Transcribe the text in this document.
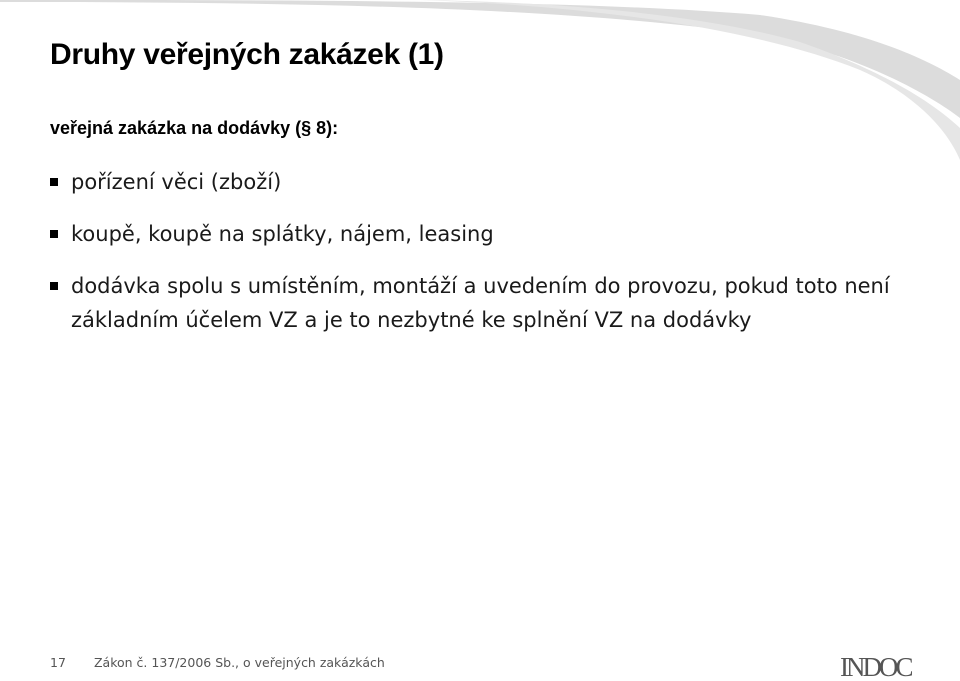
Druhy veřejných zakázek (1)
veřejná zakázka na dodávky (§ 8):
pořízení věci (zboží)
koupě, koupě na splátky, nájem, leasing
dodávka spolu s umístěním, montáží a uvedením do provozu, pokud toto není základním účelem VZ a je to nezbytné ke splnění VZ na dodávky
17 Zákon č. 137/2006 Sb., o veřejných zakázkách	INDOC
